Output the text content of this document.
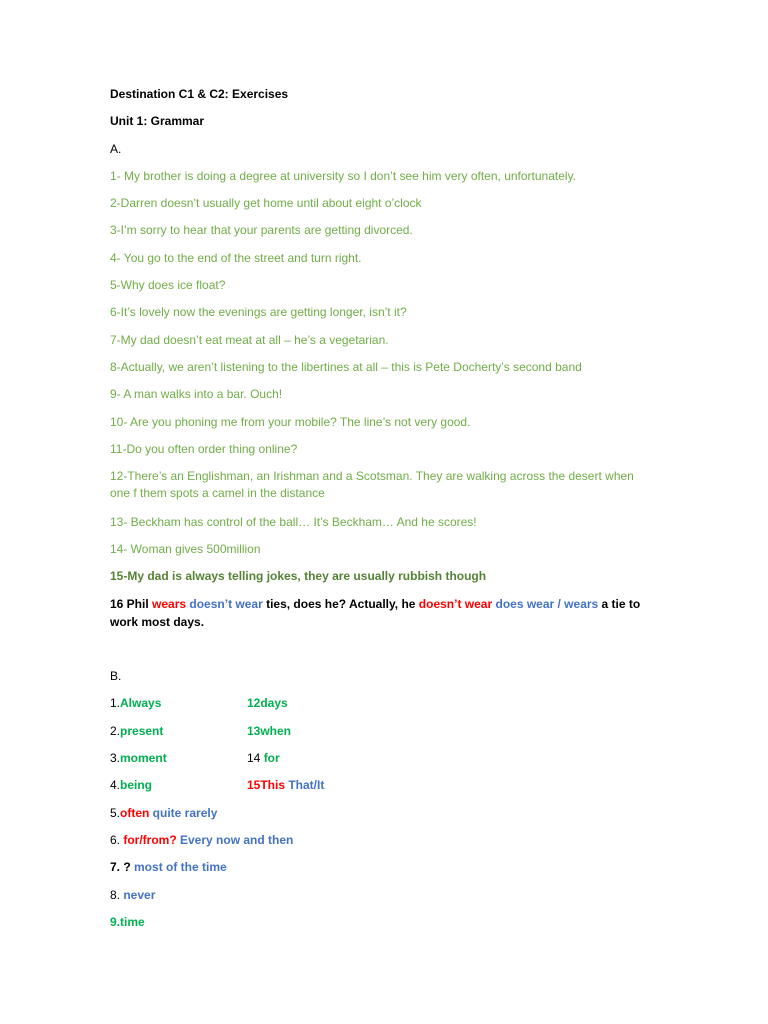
Destination C1 & C2: Exercises
Unit 1: Grammar
A.
1- My brother is doing a degree at university so I don’t see him very often, unfortunately.
2-Darren doesn’t usually get home until about eight o’clock
3-I’m sorry to hear that your parents are getting divorced.
4- You go to the end of the street and turn right.
5-Why does ice float?
6-It’s lovely now the evenings are getting longer, isn’t it?
7-My dad doesn’t eat meat at all – he’s a vegetarian.
8-Actually, we aren’t listening to the libertines at all – this is Pete Docherty’s second band
9- A man walks into a bar. Ouch!
10- Are you phoning me from your mobile? The line’s not very good.
11-Do you often order thing online?
12-There’s an Englishman, an Irishman and a Scotsman. They are walking across the desert when one f them spots a camel in the distance
13- Beckham has control of the ball… It’s Beckham… And he scores!
14- Woman gives 500million
15-My dad is always telling jokes, they are usually rubbish though
16 Phil wears doesn’t wear ties, does he? Actually, he doesn’t wear does wear / wears a tie to
work most days.
B.
1.Always
2.present
3.moment
4.being
5.often quite rarely
6. for/from? Every now and then
7. ? most of the time
8. never
9.time
12days
13when
14 for
15This That/It
